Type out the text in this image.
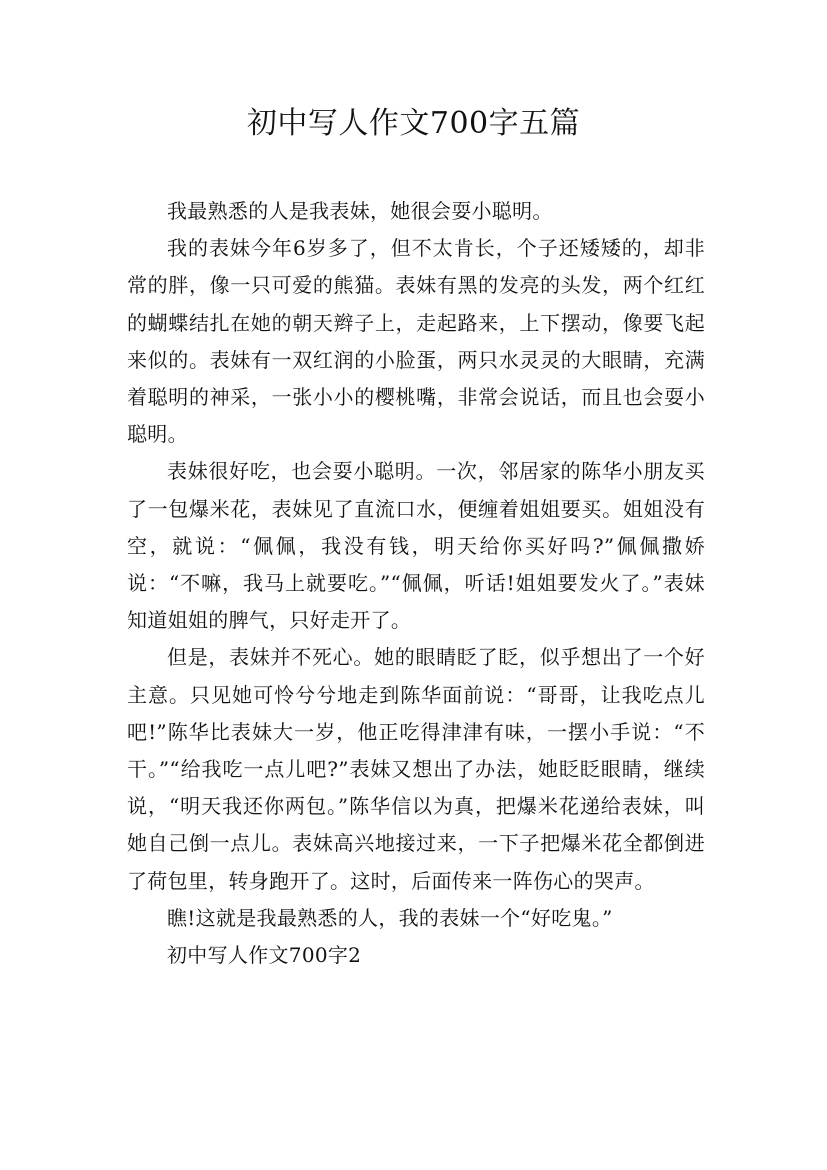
初中写人作文700字五篇

我最熟悉的人是我表妹，她很会耍小聪明。

我的表妹今年6岁多了，但不太肯长，个子还矮矮的，却非常的胖，像一只可爱的熊猫。表妹有黑的发亮的头发，两个红红的蝴蝶结扎在她的朝天辫子上，走起路来，上下摆动，像要飞起来似的。表妹有一双红润的小脸蛋，两只水灵灵的大眼睛，充满着聪明的神采，一张小小的樱桃嘴，非常会说话，而且也会耍小聪明。

表妹很好吃，也会耍小聪明。一次，邻居家的陈华小朋友买了一包爆米花，表妹见了直流口水，便缠着姐姐要买。姐姐没有空，就说：“佩佩，我没有钱，明天给你买好吗?”佩佩撒娇说：“不嘛，我马上就要吃。”“佩佩，听话!姐姐要发火了。”表妹知道姐姐的脾气，只好走开了。

但是，表妹并不死心。她的眼睛眨了眨，似乎想出了一个好主意。只见她可怜兮兮地走到陈华面前说：“哥哥，让我吃点儿吧!”陈华比表妹大一岁，他正吃得津津有味，一摆小手说：“不干。”“给我吃一点儿吧?”表妹又想出了办法，她眨眨眼睛，继续说，“明天我还你两包。”陈华信以为真，把爆米花递给表妹，叫她自己倒一点儿。表妹高兴地接过来，一下子把爆米花全都倒进了荷包里，转身跑开了。这时，后面传来一阵伤心的哭声。

瞧!这就是我最熟悉的人，我的表妹一个“好吃鬼。”

初中写人作文700字2
